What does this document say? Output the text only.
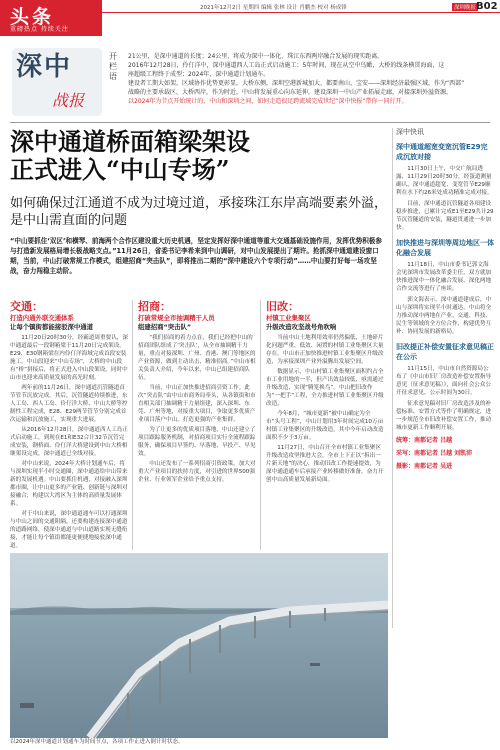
头条
重磅热点 持续关注
2021年12月2日 星期四 编辑 张林 设计 肖鹏杰 校对 杨成锋	深圳晚报 B02
深中
战报
开栏语
21公里，是深中通道的长度；24公里，将成为深中一体化、珠江东西两岸融合发展的现实距离。
2016年12月28日，伶仃洋中，深中通道西人工岛正式启动施工；5年时间，现在从空中鸟瞰，大桥的线条横贯海面，这
座超级工程终于成型；2024年，深中通道计划通车。
建设者工期大如架，区域协作优势更彰显，大桥东侧，深圳空港新城加大、都要南山、宝安——深圳经济最强区域，作为“西部”
战略的主要承载区，大桥西岸，作为时近，中山将发展重心向东延伸，建设深圳一中山产业拓展走廊，对接深圳外溢资源，
以2024年为节点开始统计的，中山和深圳之间，如何走造很足跨流域完成世纪“深中快报”带你一同打开。
深中通道桥面箱梁架设
正式进入“中山专场”
如何确保过江通道不成为过境过道，承接珠江东岸高端要素外溢，是中山需直面的问题
“中山要抓住‘双区’和横琴、前海两个合作区建设重大历史机遇，坚定发挥好深中通道等重大交通基础设施作用，发挥优势积极参与打造新发展格局增长极战略支点。”11月26日，省委书记李希来到中山调研，对中山发展提出了期许。抢抓深中通道建设窗口期，当前，中山打破常规工作模式，组建招商“突击队”，即将推出二期的“深中建设六个专项行动”……中山要打好每一场攻坚战，奋力闯稳主动阶。
交通：
打造内通外联交通体系
让每个镇街都能接驳深中通道

11月20日20时30分，经霸道周重要认，深中通道最后一段钢箱梁于11月20日完成架设。E29、E30钢箱梁在内伶仃洋海域完成首段安装施工。中山段迎来“中山专场”，大桥的中山段有“桥”拼接后，将正式进入中山段架设，同时中山市也迎来高质量发展的高光时刻。

两年前的11月26日，深中通道沉管隧道首节管节沉放完成，其后，沉管隧道持续推进，东人工岛、西人工岛、伶仃洋大桥、中山大桥等控制性工程完成，E28、E29两节管节分别完成首次运输和沉放施工，实现重大进展。

从2016年12月28日，深中通道西人工岛正式启动施工，到现在E1和E32合计32节沉管完成安装，钢桥面、伶仃洋大桥建设到中山大桥相继架设完成，深中通道已全线对接。

对中山来说，2024年大桥计划通车后，将与深圳实现半小时交通圈，深中通道给中山带来新的发展机遇。中山要抓住机遇，对接融入深圳都市圈，让中山更多的产业链、创新链与深圳对接融合，构建以大湾区为主体的高质量发展体系。

对于中山来说，深中通道通车可以打通深圳与中山之间的交通阻隔，还要构建连接深中通道的道路网络，使深中通道与中山道路实现无缝衔接，才能让每个镇街都能更便捷地接驳深中通道。

招商：
打破常规全市抽调精干人员
组建招商“突击队”

“我们招商的着力点在，我们已经把中山的招商团队组成了‘突击队’，从全市抽调精干力量，重点对接深圳、广州、香港、澳门等地区的产业资源，做到主动出击、精准招商。”中山市相关负责人介绍，今年以来，中山已组建招商队伍。

当前，中山正加快推进招商引资工作。此次“突击队”由中山市商务局牵头，从各镇街和市直相关部门抽调精干力量组建，深入深圳、东莞、广州等地，对接重大项目，争取更多优质产业项目落户中山，打造更强的产业集群。

为了让更多的优质项目落地，中山还建立了项目跟踪服务机制，对招商项目实行全流程跟踪服务，确保项目早签约、早落地、早投产、早见效。

中山还发布了一系列招商引资政策，加大对重大产业项目的扶持力度，对引进的世界500强企业、行业领军企业给予重点支持。

旧改：
村镇工业集聚区
升级改造攻坚战号角吹响

当前中山土地利用效率仍然偏低，土地碎片化问题严重，低效、闲置的村镇工业集聚区大量存在。中山市正加快推进村镇工业集聚区升级改造，为承接深圳产业外溢腾出发展空间。

数据显示，中山村镇工业集聚区面积约占全市工业用地的一半，但产出效益较低，亟需通过升级改造，实现“腾笼换鸟”。中山把旧改作为“一把手”工程，全力推进村镇工业集聚区升级改造。

今年8月，“城市更新”被中山确定为全市“头号工程”，中山计划用3年时间完成10万亩村镇工业集聚区的升级改造，其中今年启动改造面积不少于3万亩。

11月27日，中山召开全市村镇工业集聚区升级改造攻坚推进大会，全市上下正以“拆出一片新天地”的决心，推动旧改工作提速提效，为深中通道通车后承接产业转移做好准备，奋力开创中山高质量发展新局面。

深中快讯
深中通道超宽变宽沉管E29完成沉放对接

11月30日上午，中交广航局透露，11月29日20时30分，经蛋道测量确认，深中通道超宽、变宽管节E29顺利在水下约26米处成功精准完成对接。

目前，深中通道沉管隧道各项建设稳步推进，已累计完成E1至E29共计29节沉管隧道的安装，隧道贯通进一步加快。

加快推进与深圳等周边地区一体化融合发展

11月18日，中山市委书记郭文海会见深圳市发展改革委主任，双方就加快推进深中一体化融合发展、深化两地合作交流等进行了座谈。

郭文海表示，深中通道建成后，中山与深圳将实现半小时通达，中山将全力推动深中两地在产业、交通、科技、民生等领域的全方位合作，构建优势互补、协同发展的新格局。

旧改提正补偿安置征求意见稿正在公示

11月15日，中山市自然资源局公布了《中山市旧厂房改造补偿安置指导意见（征求意见稿）》，面向社会公众公开征求意见，公示时间为30日。

征求意见稿对旧厂房改造涉及的补偿标准、安置方式等作了明确规定，进一步规范全市旧改补偿安置工作，推动城市更新工作顺利开展。

统筹：南都记者 吕越
采写：南都记者 吕越 刘凯沛
摄影：南都记者 吴进
以2024年深中通道计划通车为时间节点，各项工作正进入倒计时状态。
